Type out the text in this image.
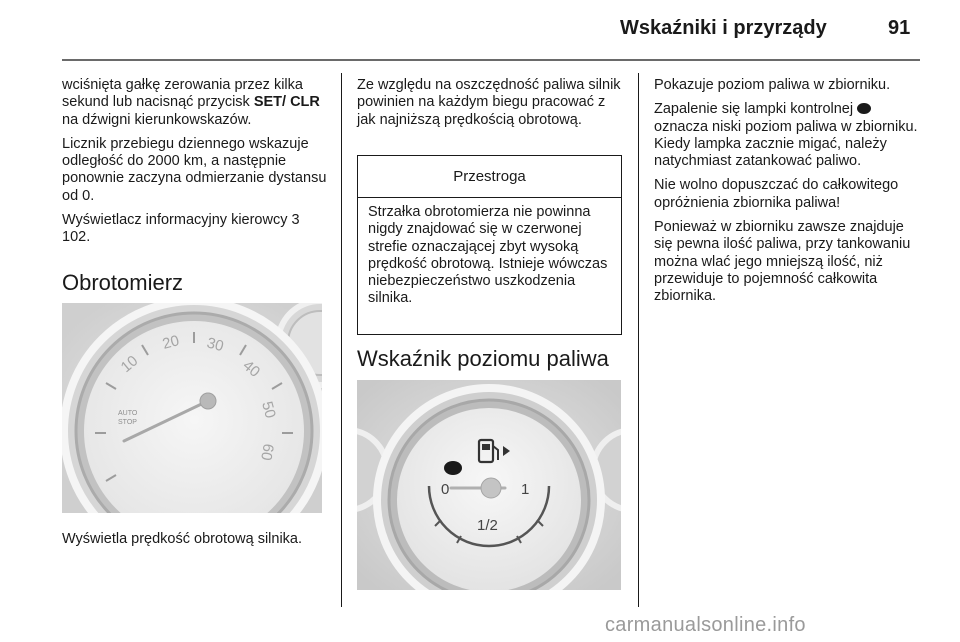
Wskaźniki i przyrządy	91

wciśnięta gałkę zerowania przez kilka sekund lub nacisnąć przycisk SET/ CLR na dźwigni kierunkowskazów.

Licznik przebiegu dziennego wskazuje odległość do 2000 km, a następnie ponownie zaczyna odmierzanie dystansu od 0.

Wyświetlacz informacyjny kierowcy 3 102.

Obrotomierz
10
20 30
40
50
60
AUTO
STOP

Wyświetla prędkość obrotową silnika.

Ze względu na oszczędność paliwa silnik powinien na każdym biegu pracować z jak najniższą prędkością obrotową.

Przestroga
Strzałka obrotomierza nie powinna nigdy znajdować się w czerwonej strefie oznaczającej zbyt wysoką prędkość obrotową. Istnieje wówczas niebezpieczeństwo uszkodzenia silnika.
Wskaźnik poziomu paliwa
0	1
1/2

Pokazuje poziom paliwa w zbiorniku.

Zapalenie się lampki kontrolnej  oznacza niski poziom paliwa w zbiorniku. Kiedy lampka zacznie migać, należy natychmiast zatankować paliwo.

Nie wolno dopuszczać do całkowitego opróżnienia zbiornika paliwa!

Ponieważ w zbiorniku zawsze znajduje się pewna ilość paliwa, przy tankowaniu można wlać jego mniejszą ilość, niż przewiduje to pojemność całkowita zbiornika.

carmanualsonline.info
